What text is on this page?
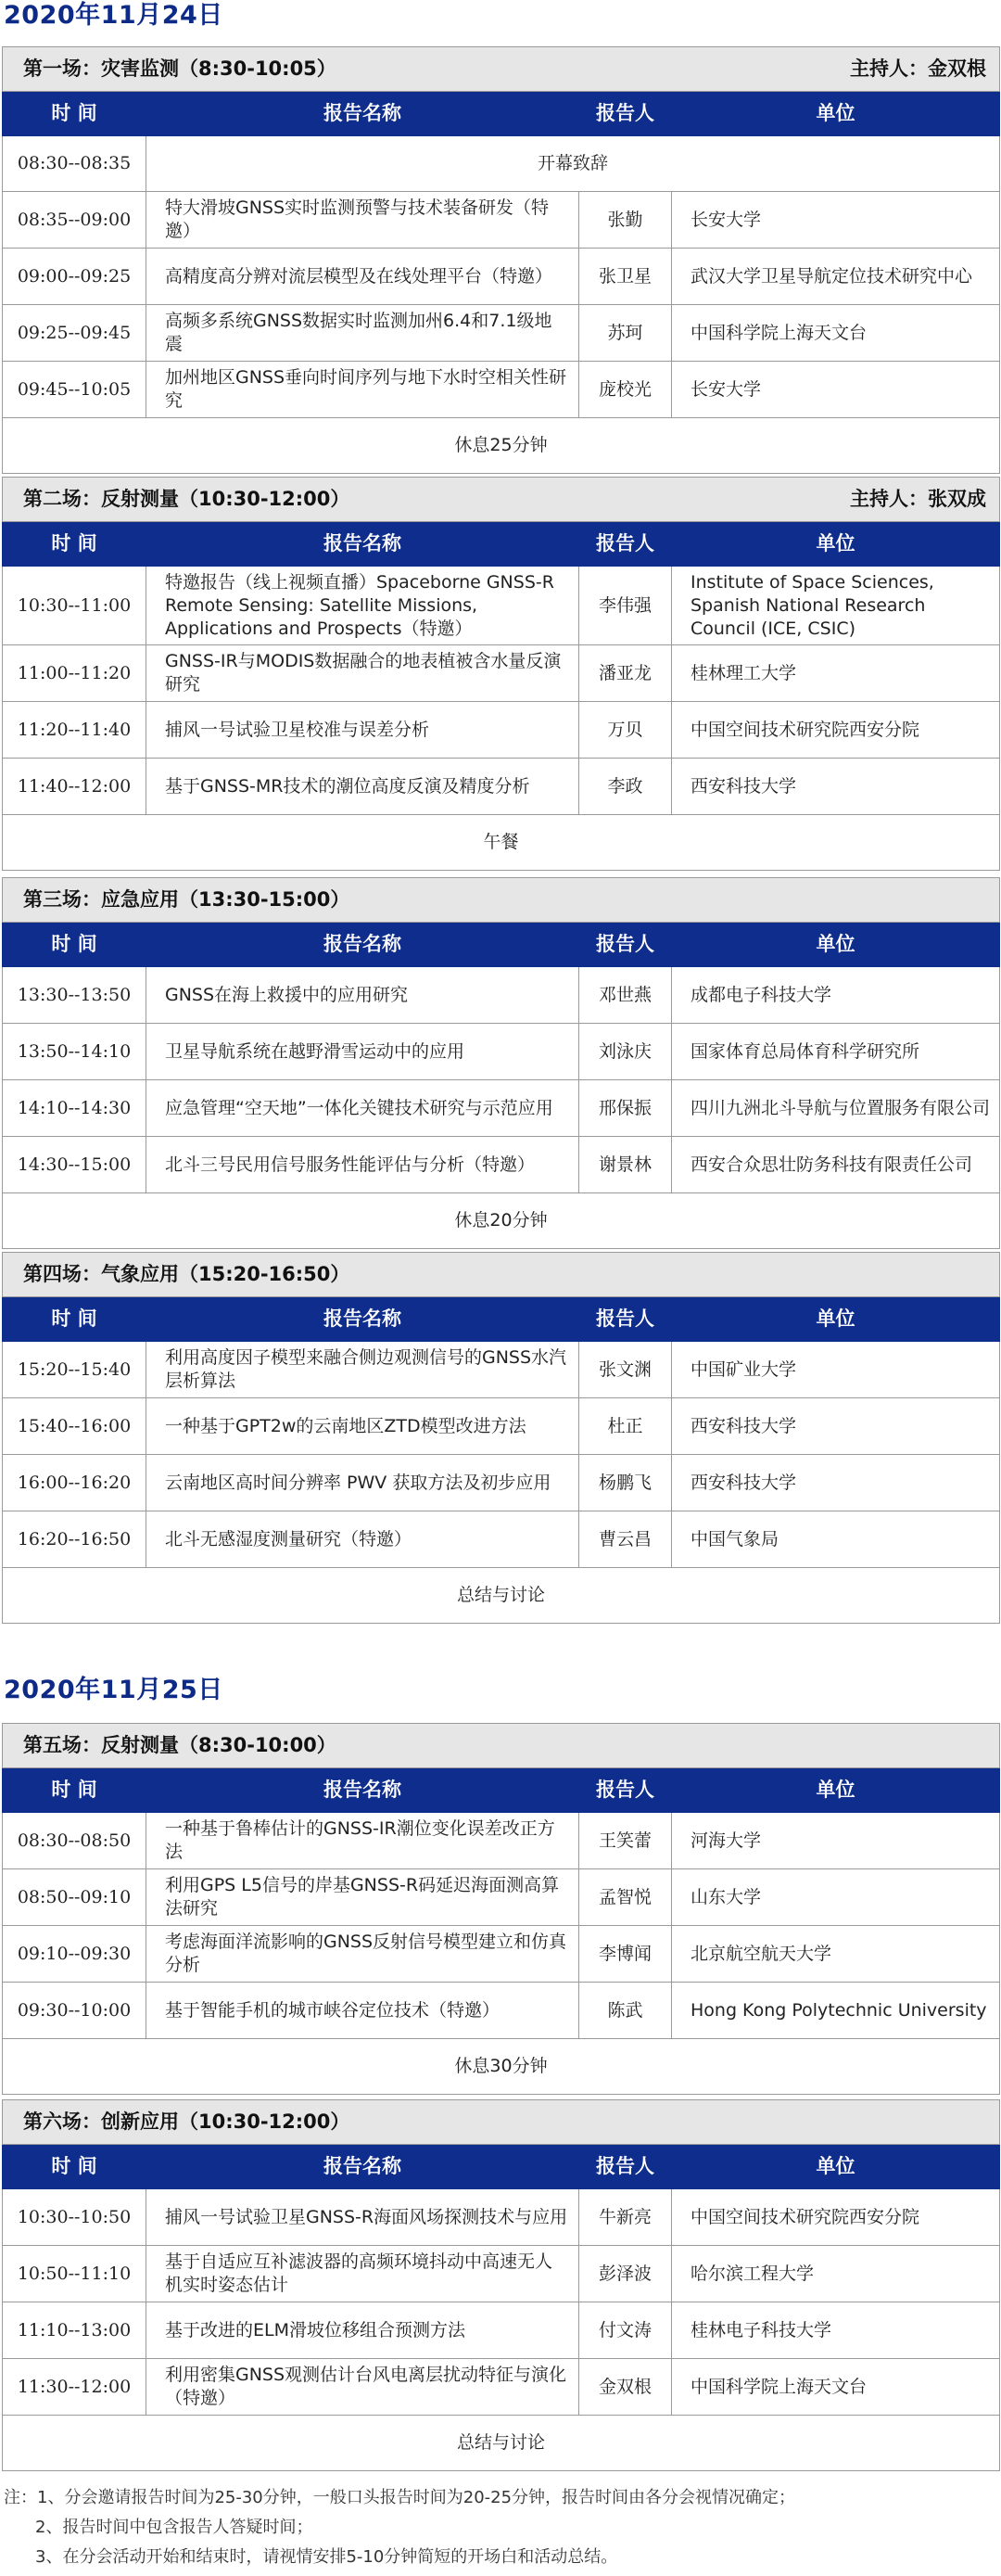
2020年11月24日
第一场：灾害监测（8:30-10:05） 主持人：金双根			

时 间	报告名称	报告人	单位
08:30--08:35	开幕致辞		
08:35--09:00	特大滑坡GNSS实时监测预警与技术装备研发（特邀）	张勤	长安大学
09:00--09:25	高精度高分辨对流层模型及在线处理平台（特邀）	张卫星	武汉大学卫星导航定位技术研究中心
09:25--09:45	高频多系统GNSS数据实时监测加州6.4和7.1级地震	苏珂	中国科学院上海天文台
09:45--10:05	加州地区GNSS垂向时间序列与地下水时空相关性研究	庞校光	长安大学
休息25分钟			
第二场：反射测量（10:30-12:00） 主持人：张双成			

时 间	报告名称	报告人	单位
10:30--11:00	特邀报告（线上视频直播）Spaceborne GNSS-R Remote Sensing: Satellite Missions, Applications and Prospects（特邀）	李伟强	Institute of Space Sciences, Spanish National Research Council (ICE, CSIC)
11:00--11:20	GNSS-IR与MODIS数据融合的地表植被含水量反演研究	潘亚龙	桂林理工大学
11:20--11:40	捕风一号试验卫星校准与误差分析	万贝	中国空间技术研究院西安分院
11:40--12:00	基于GNSS-MR技术的潮位高度反演及精度分析	李政	西安科技大学
午餐			
第三场：应急应用（13:30-15:00）			

时 间	报告名称	报告人	单位
13:30--13:50	GNSS在海上救援中的应用研究	邓世燕	成都电子科技大学
13:50--14:10	卫星导航系统在越野滑雪运动中的应用	刘泳庆	国家体育总局体育科学研究所
14:10--14:30	应急管理“空天地”一体化关键技术研究与示范应用	邢保振	四川九洲北斗导航与位置服务有限公司
14:30--15:00	北斗三号民用信号服务性能评估与分析（特邀）	谢景林	西安合众思壮防务科技有限责任公司
休息20分钟			
第四场：气象应用（15:20-16:50）			

时 间	报告名称	报告人	单位
15:20--15:40	利用高度因子模型来融合侧边观测信号的GNSS水汽层析算法	张文渊	中国矿业大学
15:40--16:00	一种基于GPT2w的云南地区ZTD模型改进方法	杜正	西安科技大学
16:00--16:20	云南地区高时间分辨率 PWV 获取方法及初步应用	杨鹏飞	西安科技大学
16:20--16:50	北斗无感湿度测量研究（特邀）	曹云昌	中国气象局
总结与讨论			
2020年11月25日
第五场：反射测量（8:30-10:00）			

时 间	报告名称	报告人	单位
08:30--08:50	一种基于鲁棒估计的GNSS-IR潮位变化误差改正方法	王笑蕾	河海大学
08:50--09:10	利用GPS L5信号的岸基GNSS-R码延迟海面测高算法研究	孟智悦	山东大学
09:10--09:30	考虑海面洋流影响的GNSS反射信号模型建立和仿真分析	李博闻	北京航空航天大学
09:30--10:00	基于智能手机的城市峡谷定位技术（特邀）	陈武	Hong Kong Polytechnic University
休息30分钟			
第六场：创新应用（10:30-12:00）			

时 间	报告名称	报告人	单位
10:30--10:50	捕风一号试验卫星GNSS-R海面风场探测技术与应用	牛新亮	中国空间技术研究院西安分院
10:50--11:10	基于自适应互补滤波器的高频环境抖动中高速无人机实时姿态估计	彭泽波	哈尔滨工程大学
11:10--13:00	基于改进的ELM滑坡位移组合预测方法	付文涛	桂林电子科技大学
11:30--12:00	利用密集GNSS观测估计台风电离层扰动特征与演化（特邀）	金双根	中国科学院上海天文台
总结与讨论			
注：1、分会邀请报告时间为25-30分钟，一般口头报告时间为20-25分钟，报告时间由各分会视情况确定；
2、报告时间中包含报告人答疑时间；
3、在分会活动开始和结束时，请视情安排5-10分钟简短的开场白和活动总结。
